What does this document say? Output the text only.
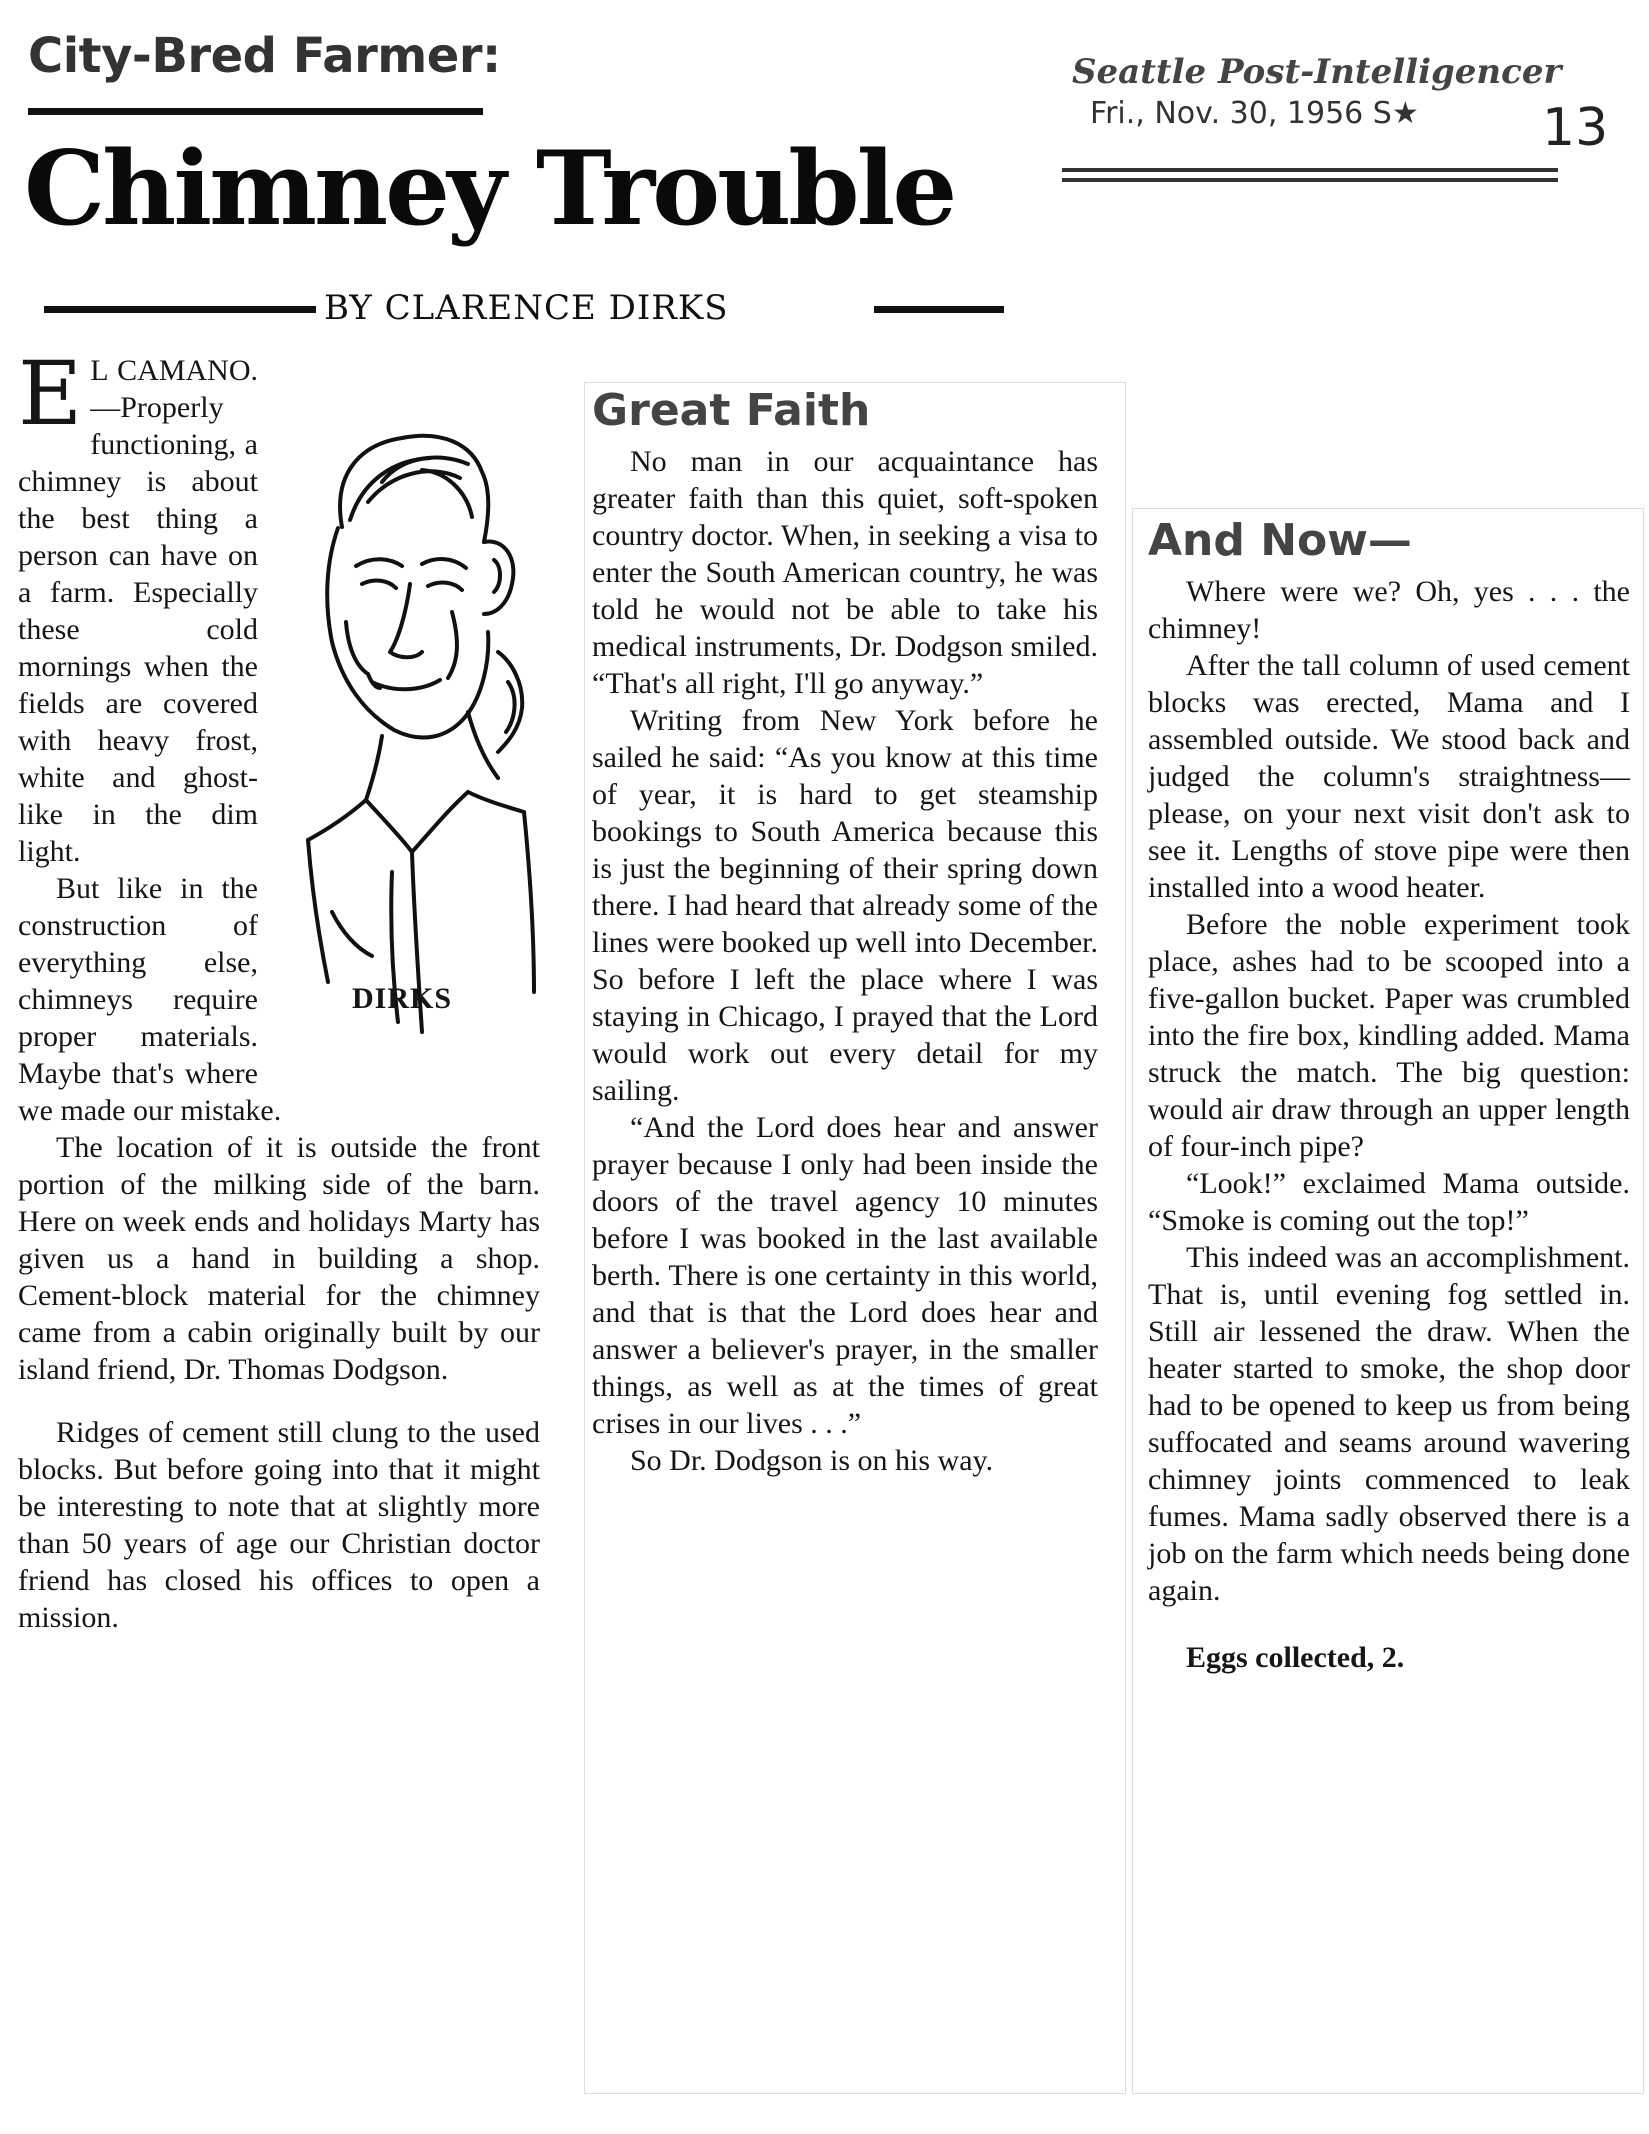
City-Bred Farmer:
Chimney Trouble
BY CLARENCE DIRKS
Seattle Post-Intelligencer
Fri., Nov. 30, 1956 S★	13
DIRKS

E L CAMANO.—Properly functioning, a chimney is about the best thing a person can have on a farm. Especially these cold mornings when the fields are covered with heavy frost, white and ghost-like in the dim light.

But like in the construction of everything else, chimneys require proper materials. Maybe that's where we made our mistake.

The location of it is outside the front portion of the milking side of the barn. Here on week ends and holidays Marty has given us a hand in building a shop. Cement-block material for the chimney came from a cabin originally built by our island friend, Dr. Thomas Dodgson.

Ridges of cement still clung to the used blocks. But before going into that it might be interesting to note that at slightly more than 50 years of age our Christian doctor friend has closed his offices to open a mission.

Great Faith

No man in our acquaintance has greater faith than this quiet, soft-spoken country doctor. When, in seeking a visa to enter the South American country, he was told he would not be able to take his medical instruments, Dr. Dodgson smiled. “That's all right, I'll go anyway.”

Writing from New York before he sailed he said: “As you know at this time of year, it is hard to get steamship bookings to South America because this is just the beginning of their spring down there. I had heard that already some of the lines were booked up well into December. So before I left the place where I was staying in Chicago, I prayed that the Lord would work out every detail for my sailing.

“And the Lord does hear and answer prayer because I only had been inside the doors of the travel agency 10 minutes before I was booked in the last available berth. There is one certainty in this world, and that is that the Lord does hear and answer a believer's prayer, in the smaller things, as well as at the times of great crises in our lives . . .”

So Dr. Dodgson is on his way.

And Now—

Where were we? Oh, yes . . . the chimney!

After the tall column of used cement blocks was erected, Mama and I assembled outside. We stood back and judged the column's straightness—please, on your next visit don't ask to see it. Lengths of stove pipe were then installed into a wood heater.

Before the noble experiment took place, ashes had to be scooped into a five-gallon bucket. Paper was crumbled into the fire box, kindling added. Mama struck the match. The big question: would air draw through an upper length of four-inch pipe?

“Look!” exclaimed Mama outside. “Smoke is coming out the top!”

This indeed was an accomplishment. That is, until evening fog settled in. Still air lessened the draw. When the heater started to smoke, the shop door had to be opened to keep us from being suffocated and seams around wavering chimney joints commenced to leak fumes. Mama sadly observed there is a job on the farm which needs being done again.

Eggs collected, 2.
